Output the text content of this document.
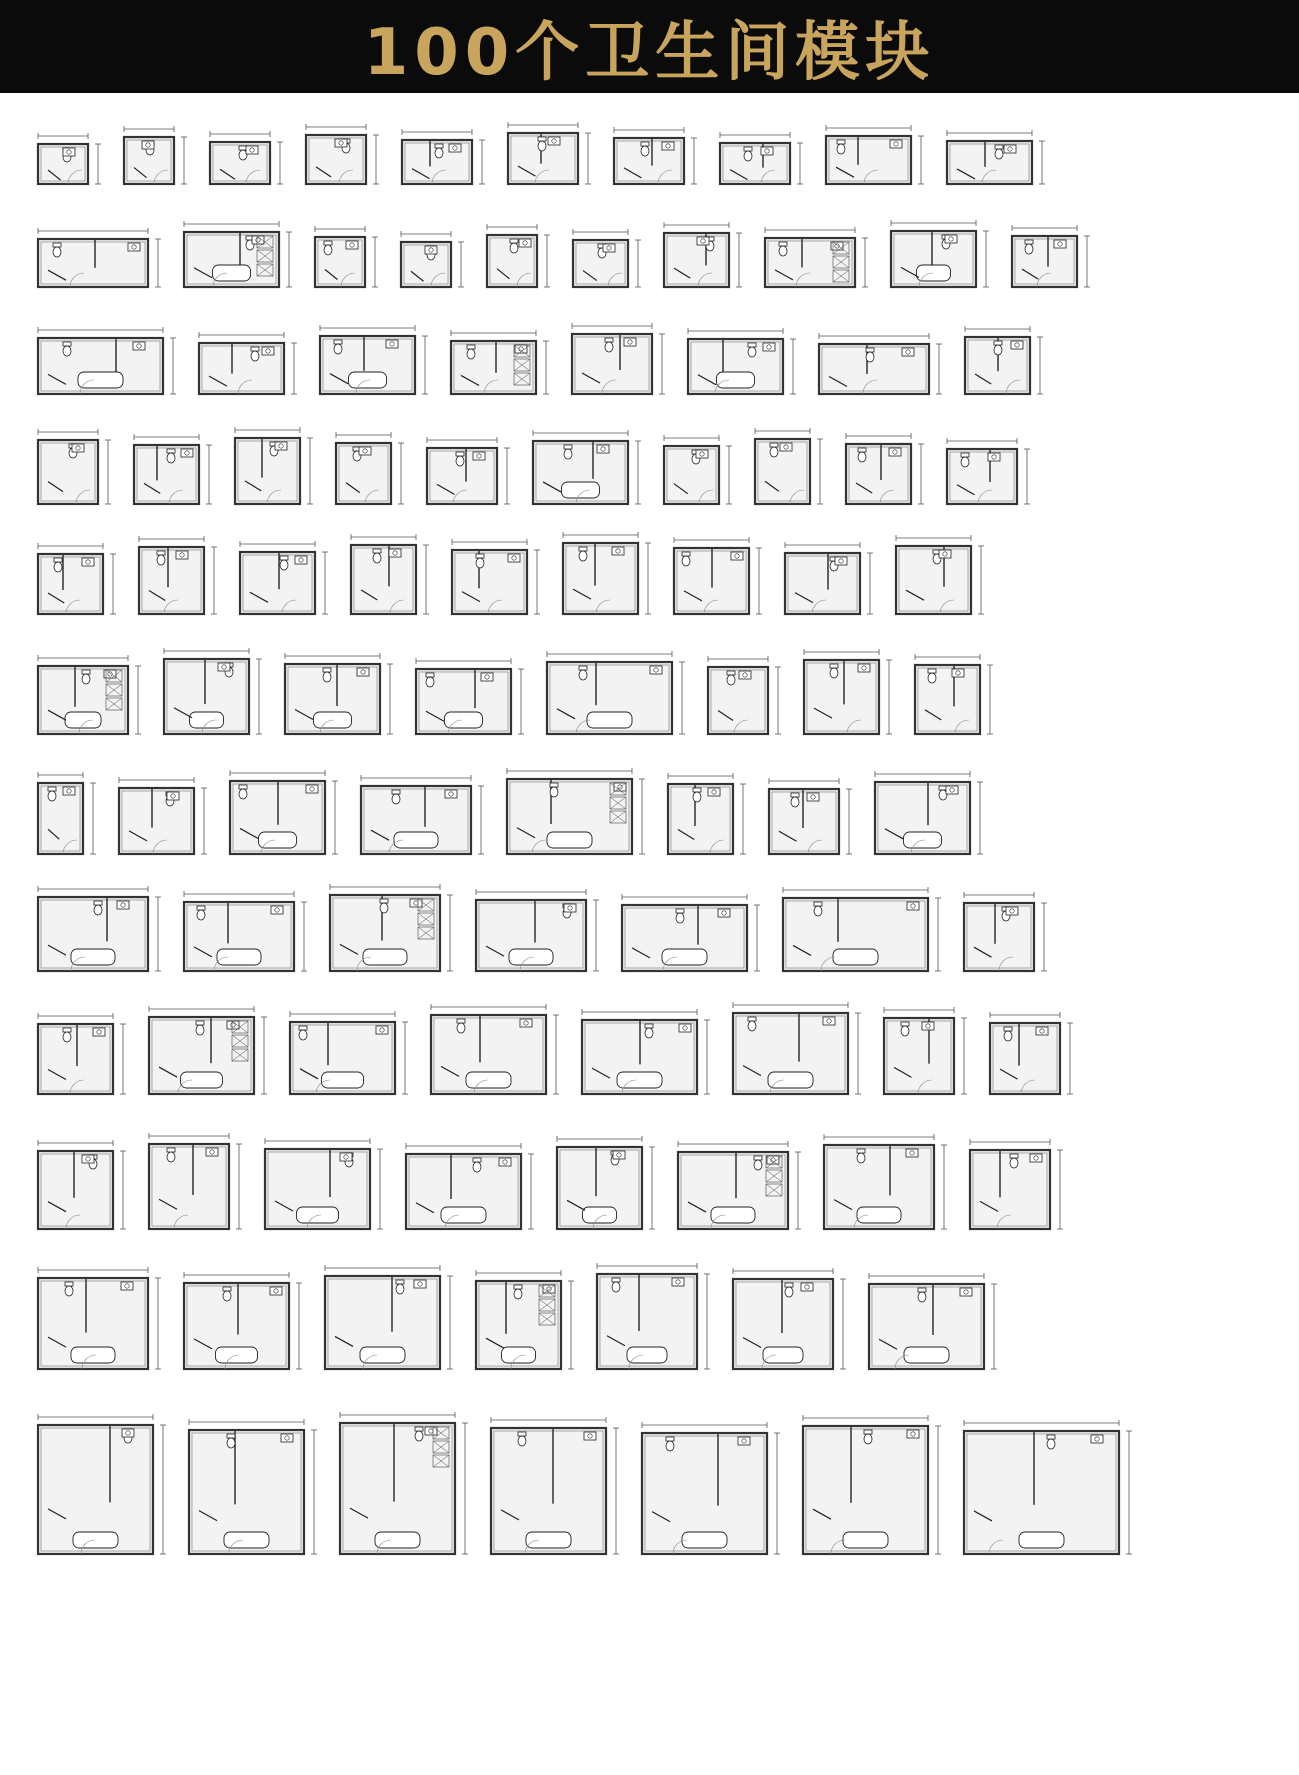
100个卫生间模块
